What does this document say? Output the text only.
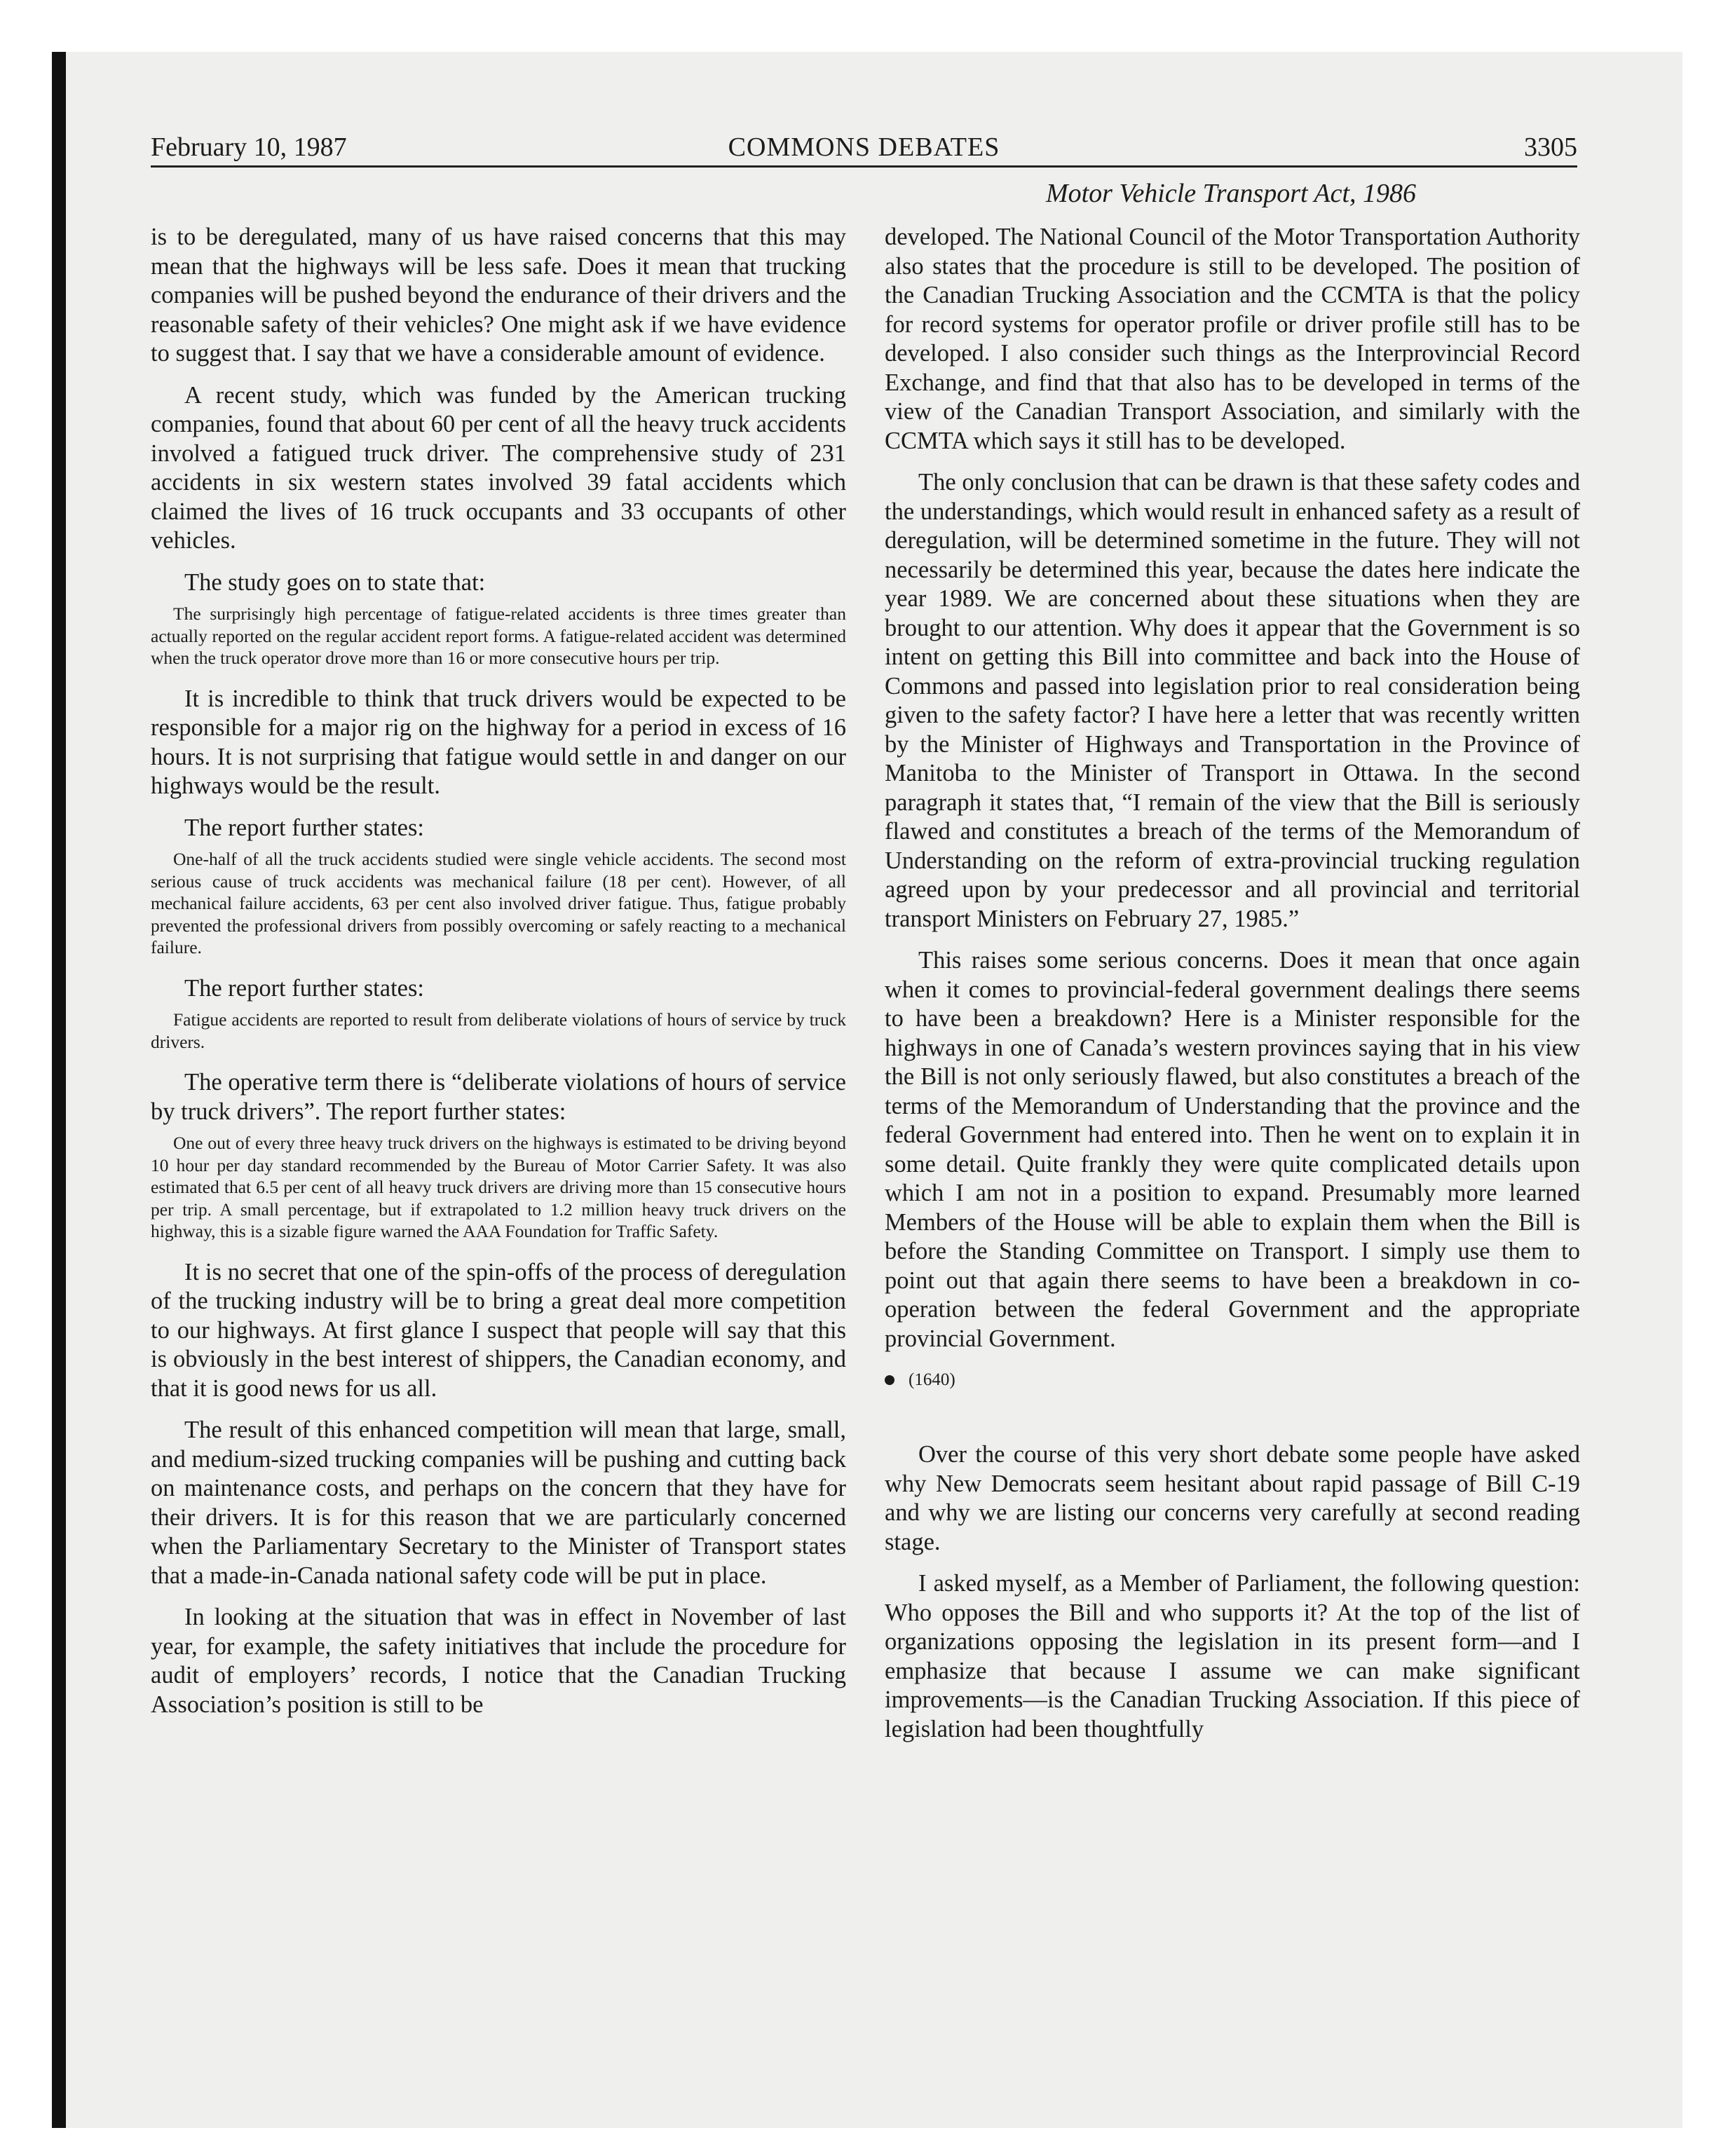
February 10, 1987	COMMONS DEBATES	3305
Motor Vehicle Transport Act, 1986

is to be deregulated, many of us have raised concerns that this may mean that the highways will be less safe. Does it mean that trucking companies will be pushed beyond the endurance of their drivers and the reasonable safety of their vehicles? One might ask if we have evidence to suggest that. I say that we have a considerable amount of evidence.

A recent study, which was funded by the American trucking companies, found that about 60 per cent of all the heavy truck accidents involved a fatigued truck driver. The comprehensive study of 231 accidents in six western states involved 39 fatal accidents which claimed the lives of 16 truck occupants and 33 occupants of other vehicles.

The study goes on to state that:

The surprisingly high percentage of fatigue-related accidents is three times greater than actually reported on the regular accident report forms. A fatigue-related accident was determined when the truck operator drove more than 16 or more consecutive hours per trip.

It is incredible to think that truck drivers would be expected to be responsible for a major rig on the highway for a period in excess of 16 hours. It is not surprising that fatigue would settle in and danger on our highways would be the result.

The report further states:

One-half of all the truck accidents studied were single vehicle accidents. The second most serious cause of truck accidents was mechanical failure (18 per cent). However, of all mechanical failure accidents, 63 per cent also involved driver fatigue. Thus, fatigue probably prevented the professional drivers from possibly overcoming or safely reacting to a mechanical failure.

The report further states:

Fatigue accidents are reported to result from deliberate violations of hours of service by truck drivers.

The operative term there is “deliberate violations of hours of service by truck drivers”. The report further states:

One out of every three heavy truck drivers on the highways is estimated to be driving beyond 10 hour per day standard recommended by the Bureau of Motor Carrier Safety. It was also estimated that 6.5 per cent of all heavy truck drivers are driving more than 15 consecutive hours per trip. A small percentage, but if extrapolated to 1.2 million heavy truck drivers on the highway, this is a sizable figure warned the AAA Foundation for Traffic Safety.

It is no secret that one of the spin-offs of the process of deregulation of the trucking industry will be to bring a great deal more competition to our highways. At first glance I suspect that people will say that this is obviously in the best interest of shippers, the Canadian economy, and that it is good news for us all.

The result of this enhanced competition will mean that large, small, and medium-sized trucking companies will be pushing and cutting back on maintenance costs, and perhaps on the concern that they have for their drivers. It is for this reason that we are particularly concerned when the Parliamentary Secretary to the Minister of Transport states that a made-in-Canada national safety code will be put in place.

In looking at the situation that was in effect in November of last year, for example, the safety initiatives that include the procedure for audit of employers’ records, I notice that the Canadian Trucking Association’s position is still to be

developed. The National Council of the Motor Transportation Authority also states that the procedure is still to be developed. The position of the Canadian Trucking Association and the CCMTA is that the policy for record systems for operator profile or driver profile still has to be developed. I also consider such things as the Interprovincial Record Exchange, and find that that also has to be developed in terms of the view of the Canadian Transport Association, and similarly with the CCMTA which says it still has to be developed.

The only conclusion that can be drawn is that these safety codes and the understandings, which would result in enhanced safety as a result of deregulation, will be determined sometime in the future. They will not necessarily be determined this year, because the dates here indicate the year 1989. We are concerned about these situations when they are brought to our attention. Why does it appear that the Government is so intent on getting this Bill into committee and back into the House of Commons and passed into legislation prior to real consideration being given to the safety factor? I have here a letter that was recently written by the Minister of Highways and Transportation in the Province of Manitoba to the Minister of Transport in Ottawa. In the second paragraph it states that, “I remain of the view that the Bill is seriously flawed and constitutes a breach of the terms of the Memorandum of Understanding on the reform of extra-provincial trucking regulation agreed upon by your predecessor and all provincial and territorial transport Ministers on February 27, 1985.”

This raises some serious concerns. Does it mean that once again when it comes to provincial-federal government dealings there seems to have been a breakdown? Here is a Minister responsible for the highways in one of Canada’s western provinces saying that in his view the Bill is not only seriously flawed, but also constitutes a breach of the terms of the Memorandum of Understanding that the province and the federal Government had entered into. Then he went on to explain it in some detail. Quite frankly they were quite complicated details upon which I am not in a position to expand. Presumably more learned Members of the House will be able to explain them when the Bill is before the Standing Committee on Transport. I simply use them to point out that again there seems to have been a breakdown in co-operation between the federal Government and the appropriate provincial Government.

(1640)

Over the course of this very short debate some people have asked why New Democrats seem hesitant about rapid passage of Bill C-19 and why we are listing our concerns very carefully at second reading stage.

I asked myself, as a Member of Parliament, the following question: Who opposes the Bill and who supports it? At the top of the list of organizations opposing the legislation in its present form—and I emphasize that because I assume we can make significant improvements—is the Canadian Trucking Association. If this piece of legislation had been thoughtfully
